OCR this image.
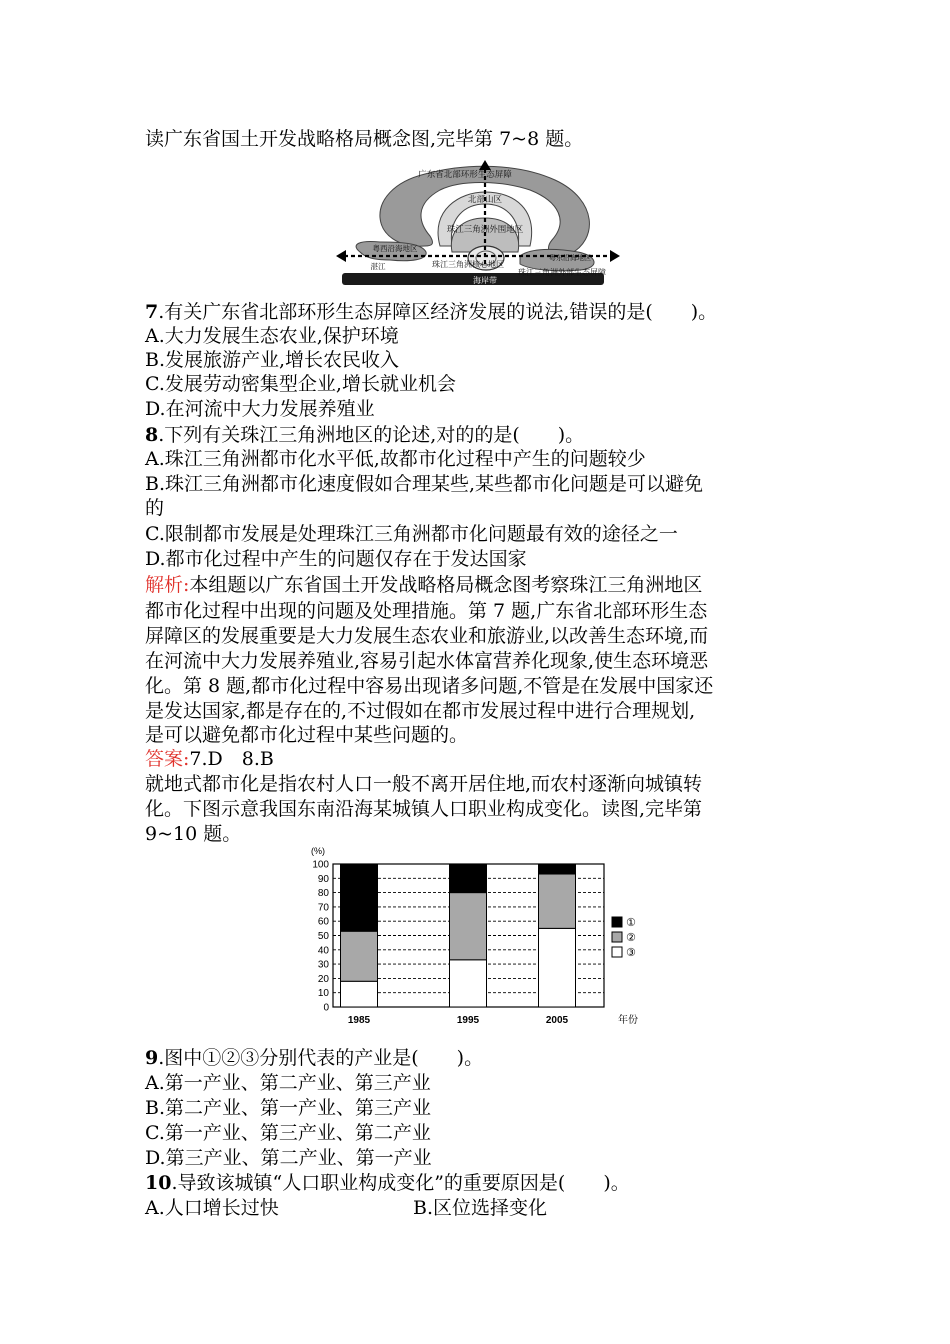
读广东省国土开发战略格局概念图,完毕第 7~8 题。
广东省北部环形生态屏障
北部山区
珠江三角洲外围地区
粤西沿海地区
湛江	珠江三角洲核心地区
粤东沿海地区
珠江三角洲外部生态屏障
海岸带
7.有关广东省北部环形生态屏障区经济发展的说法,错误的是(　　)。
A.大力发展生态农业,保护环境
B.发展旅游产业,增长农民收入
C.发展劳动密集型企业,增长就业机会
D.在河流中大力发展养殖业
8.下列有关珠江三角洲地区的论述,对的的是(　　)。
A.珠江三角洲都市化水平低,故都市化过程中产生的问题较少
B.珠江三角洲都市化速度假如合理某些,某些都市化问题是可以避免
的
C.限制都市发展是处理珠江三角洲都市化问题最有效的途径之一
D.都市化过程中产生的问题仅存在于发达国家
解析:本组题以广东省国土开发战略格局概念图考察珠江三角洲地区
都市化过程中出现的问题及处理措施。第 7 题,广东省北部环形生态
屏障区的发展重要是大力发展生态农业和旅游业,以改善生态环境,而
在河流中大力发展养殖业,容易引起水体富营养化现象,使生态环境恶
化。第 8 题,都市化过程中容易出现诸多问题,不管是在发展中国家还
是发达国家,都是存在的,不过假如在都市发展过程中进行合理规划,
是可以避免都市化过程中某些问题的。
答案:7.D　8.B
就地式都市化是指农村人口一般不离开居住地,而农村逐渐向城镇转
化。下图示意我国东南沿海某城镇人口职业构成变化。读图,完毕第
9~10 题。
0
10
20
30
40
50
60
70
80
90
100
(%)
1985	1995	2005	年份
①
②
③
9.图中①②③分别代表的产业是(　　)。
A.第一产业、第二产业、第三产业
B.第二产业、第一产业、第三产业
C.第一产业、第三产业、第二产业
D.第三产业、第二产业、第一产业
10.导致该城镇“人口职业构成变化”的重要原因是(　　)。
A.人口增长过快	B.区位选择变化
